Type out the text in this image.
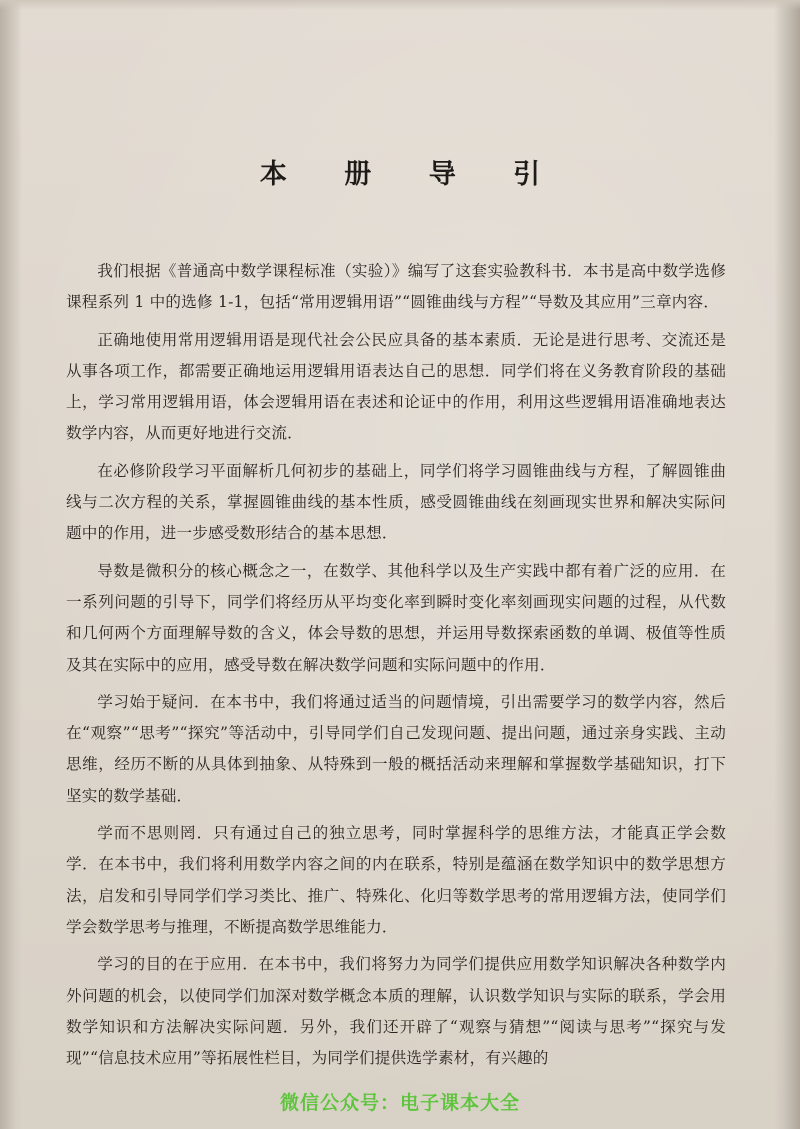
本 册 导 引

我们根据《普通高中数学课程标准（实验）》编写了这套实验教科书．本书是高中数学选修课程系列 1 中的选修 1-1，包括“常用逻辑用语”“圆锥曲线与方程”“导数及其应用”三章内容．

正确地使用常用逻辑用语是现代社会公民应具备的基本素质．无论是进行思考、交流还是从事各项工作，都需要正确地运用逻辑用语表达自己的思想．同学们将在义务教育阶段的基础上，学习常用逻辑用语，体会逻辑用语在表述和论证中的作用，利用这些逻辑用语准确地表达数学内容，从而更好地进行交流．

在必修阶段学习平面解析几何初步的基础上，同学们将学习圆锥曲线与方程，了解圆锥曲线与二次方程的关系，掌握圆锥曲线的基本性质，感受圆锥曲线在刻画现实世界和解决实际问题中的作用，进一步感受数形结合的基本思想．

导数是微积分的核心概念之一，在数学、其他科学以及生产实践中都有着广泛的应用．在一系列问题的引导下，同学们将经历从平均变化率到瞬时变化率刻画现实问题的过程，从代数和几何两个方面理解导数的含义，体会导数的思想，并运用导数探索函数的单调、极值等性质及其在实际中的应用，感受导数在解决数学问题和实际问题中的作用．

学习始于疑问．在本书中，我们将通过适当的问题情境，引出需要学习的数学内容，然后在“观察”“思考”“探究”等活动中，引导同学们自己发现问题、提出问题，通过亲身实践、主动思维，经历不断的从具体到抽象、从特殊到一般的概括活动来理解和掌握数学基础知识，打下坚实的数学基础．

学而不思则罔．只有通过自己的独立思考，同时掌握科学的思维方法，才能真正学会数学．在本书中，我们将利用数学内容之间的内在联系，特别是蕴涵在数学知识中的数学思想方法，启发和引导同学们学习类比、推广、特殊化、化归等数学思考的常用逻辑方法，使同学们学会数学思考与推理，不断提高数学思维能力．

学习的目的在于应用．在本书中，我们将努力为同学们提供应用数学知识解决各种数学内外问题的机会，以使同学们加深对数学概念本质的理解，认识数学知识与实际的联系，学会用数学知识和方法解决实际问题．另外，我们还开辟了“观察与猜想”“阅读与思考”“探究与发现”“信息技术应用”等拓展性栏目，为同学们提供选学素材，有兴趣的

微信公众号：电子课本大全
